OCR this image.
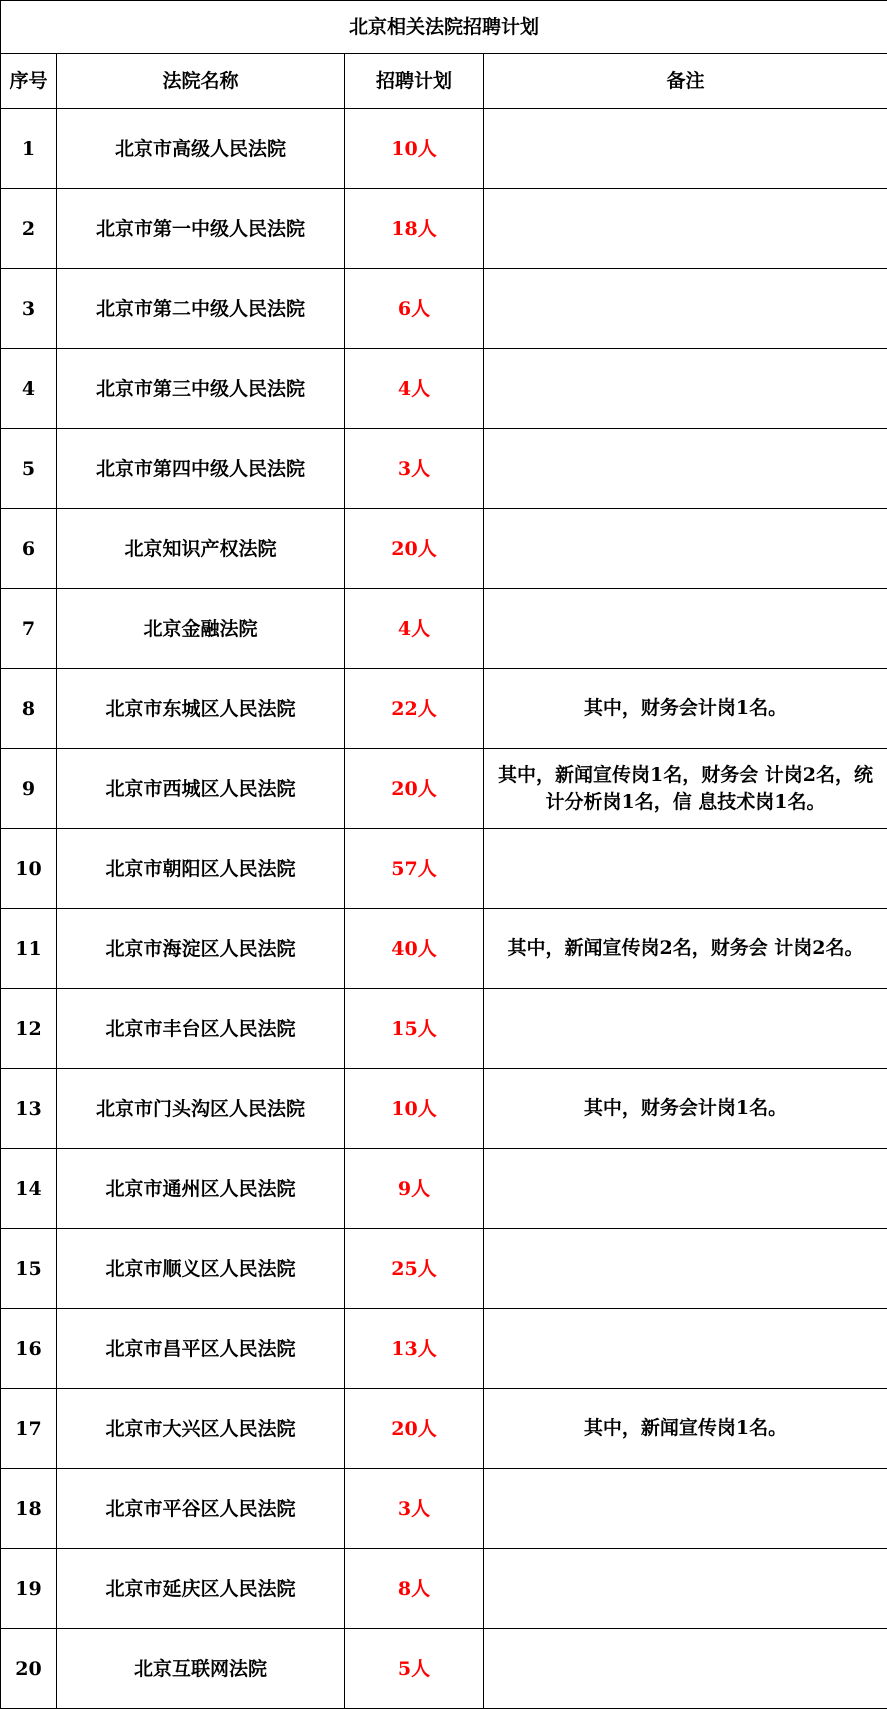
北京相关法院招聘计划			
序号	法院名称	招聘计划	备注
1	北京市高级人民法院	10人	
2	北京市第一中级人民法院	18人	
3	北京市第二中级人民法院	6人	
4	北京市第三中级人民法院	4人	
5	北京市第四中级人民法院	3人	
6	北京知识产权法院	20人	
7	北京金融法院	4人	
8	北京市东城区人民法院	22人	其中，财务会计岗1名。
9	北京市西城区人民法院	20人	其中，新闻宣传岗1名，财务会 计岗2名，统计分析岗1名，信 息技术岗1名。
10	北京市朝阳区人民法院	57人	
11	北京市海淀区人民法院	40人	其中，新闻宣传岗2名，财务会 计岗2名。
12	北京市丰台区人民法院	15人	
13	北京市门头沟区人民法院	10人	其中，财务会计岗1名。
14	北京市通州区人民法院	9人	
15	北京市顺义区人民法院	25人	
16	北京市昌平区人民法院	13人	
17	北京市大兴区人民法院	20人	其中，新闻宣传岗1名。
18	北京市平谷区人民法院	3人	
19	北京市延庆区人民法院	8人	
20	北京互联网法院	5人	
